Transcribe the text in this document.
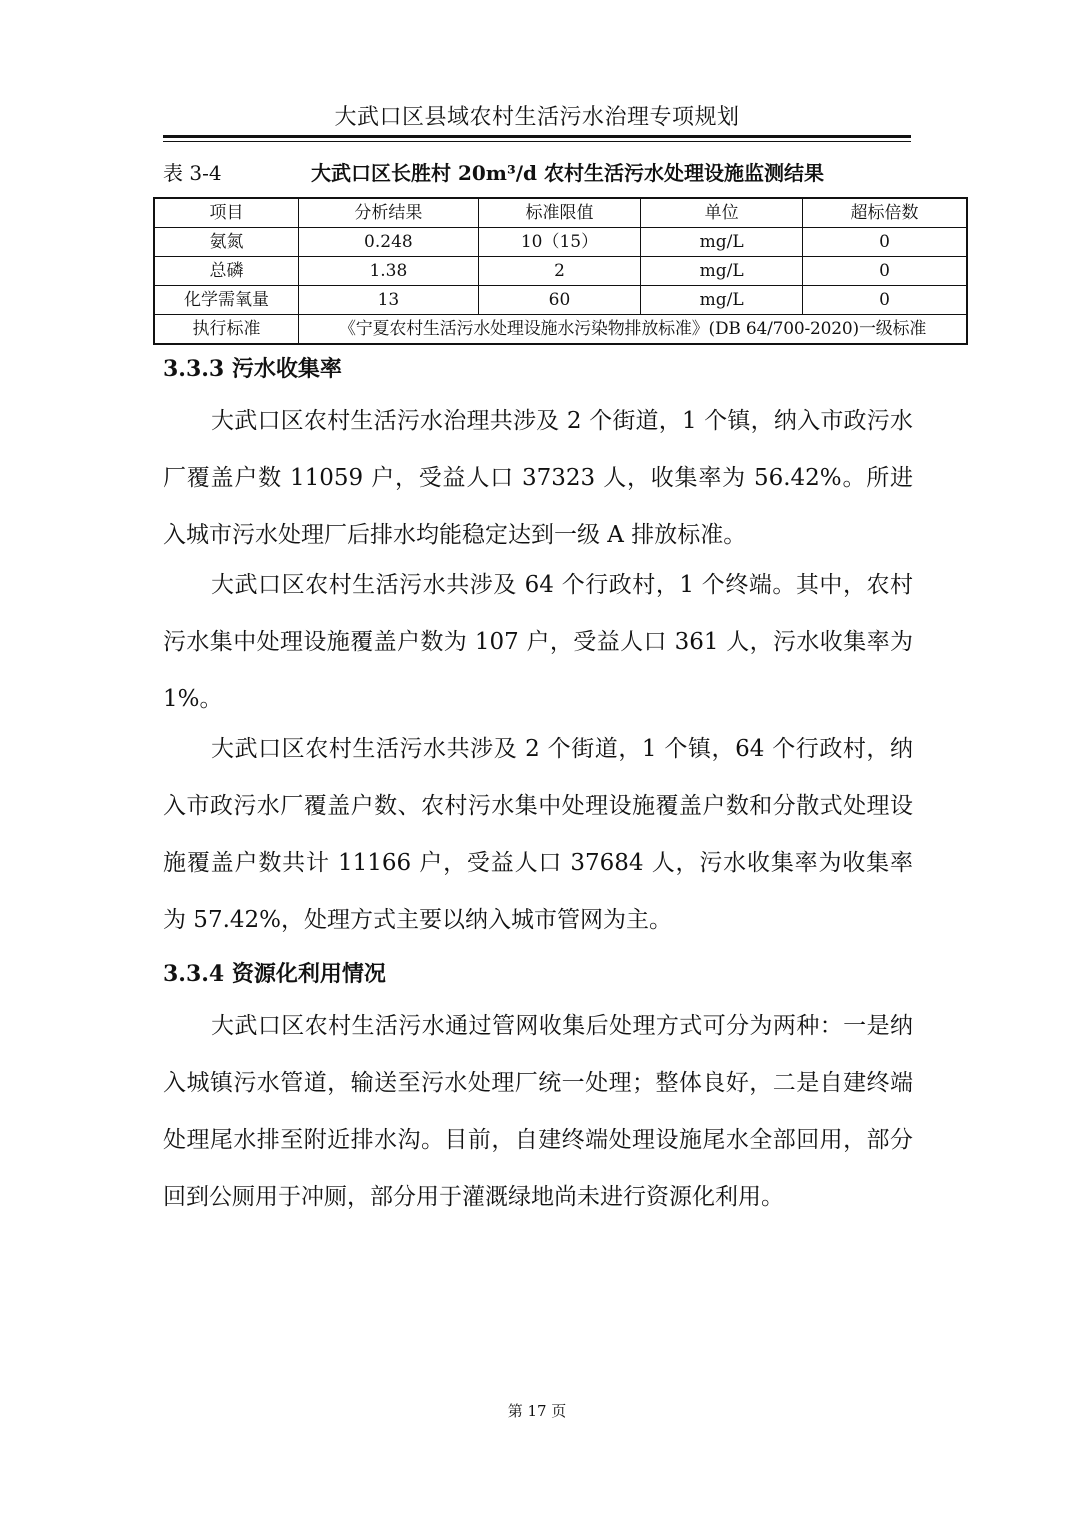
大武口区县域农村生活污水治理专项规划
表 3-4	大武口区长胜村 20m³/d 农村生活污水处理设施监测结果
项目	分析结果	标准限值	单位	超标倍数
氨氮	0.248	10（15）	mg/L	0
总磷	1.38	2	mg/L	0
化学需氧量	13	60	mg/L	0
执行标准	《宁夏农村生活污水处理设施水污染物排放标准》(DB 64/700-2020)一级标准			
3.3.3 污水收集率

大武口区农村生活污水治理共涉及 2 个街道，1 个镇，纳入市政污水厂覆盖户数 11059 户，受益人口 37323 人，收集率为 56.42%。所进入城市污水处理厂后排水均能稳定达到一级 A 排放标准。

大武口区农村生活污水共涉及 64 个行政村，1 个终端。其中，农村污水集中处理设施覆盖户数为 107 户，受益人口 361 人，污水收集率为 1%。

大武口区农村生活污水共涉及 2 个街道，1 个镇，64 个行政村，纳入市政污水厂覆盖户数、农村污水集中处理设施覆盖户数和分散式处理设施覆盖户数共计 11166 户，受益人口 37684 人，污水收集率为收集率为 57.42%，处理方式主要以纳入城市管网为主。

3.3.4 资源化利用情况

大武口区农村生活污水通过管网收集后处理方式可分为两种：一是纳入城镇污水管道，输送至污水处理厂统一处理；整体良好，二是自建终端处理尾水排至附近排水沟。目前，自建终端处理设施尾水全部回用，部分回到公厕用于冲厕，部分用于灌溉绿地尚未进行资源化利用。

第 17 页
